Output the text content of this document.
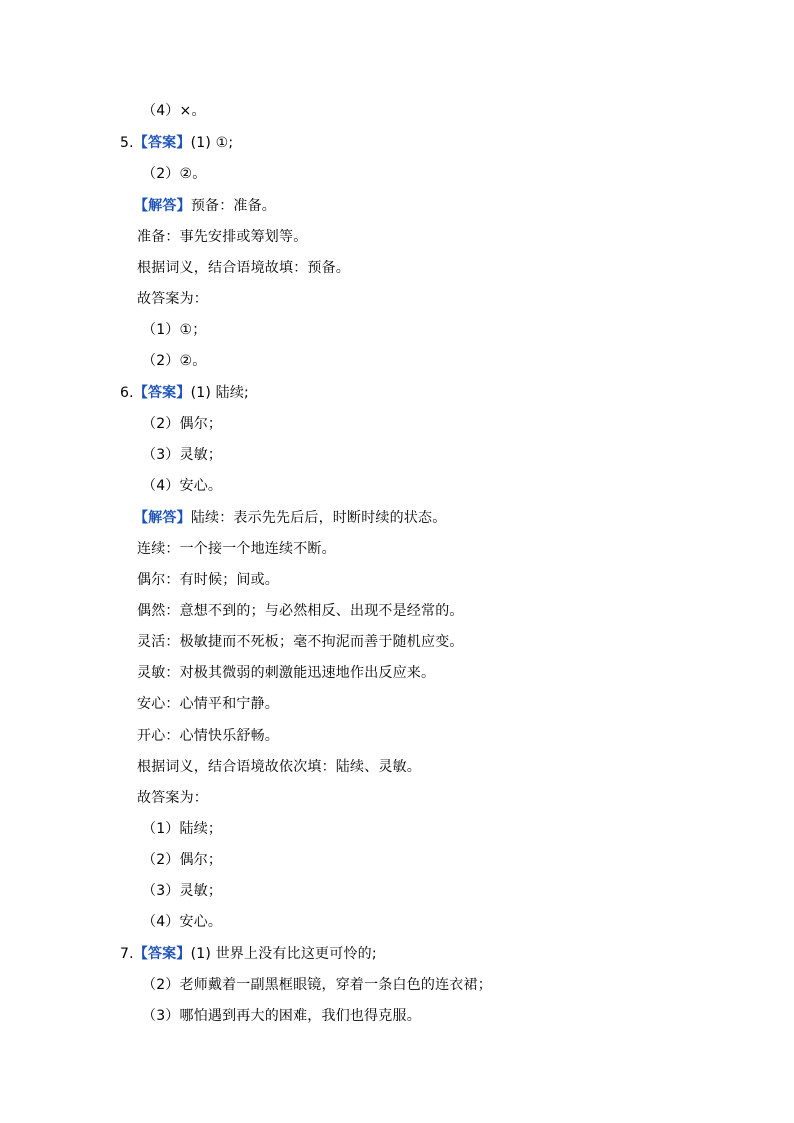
（4）×。
5.【答案】(1) ①;
（2）②。
【解答】预备：准备。
准备：事先安排或筹划等。
根据词义，结合语境故填：预备。
故答案为：
（1）①；
（2）②。
6.【答案】(1) 陆续;
（2）偶尔；
（3）灵敏；
（4）安心。
【解答】陆续：表示先先后后，时断时续的状态。
连续：一个接一个地连续不断。
偶尔：有时候；间或。
偶然：意想不到的；与必然相反、出现不是经常的。
灵活：极敏捷而不死板；毫不拘泥而善于随机应变。
灵敏：对极其微弱的刺激能迅速地作出反应来。
安心：心情平和宁静。
开心：心情快乐舒畅。
根据词义，结合语境故依次填：陆续、灵敏。
故答案为：
（1）陆续；
（2）偶尔；
（3）灵敏；
（4）安心。
7.【答案】(1) 世界上没有比这更可怜的;
（2）老师戴着一副黑框眼镜，穿着一条白色的连衣裙；
（3）哪怕遇到再大的困难，我们也得克服。
